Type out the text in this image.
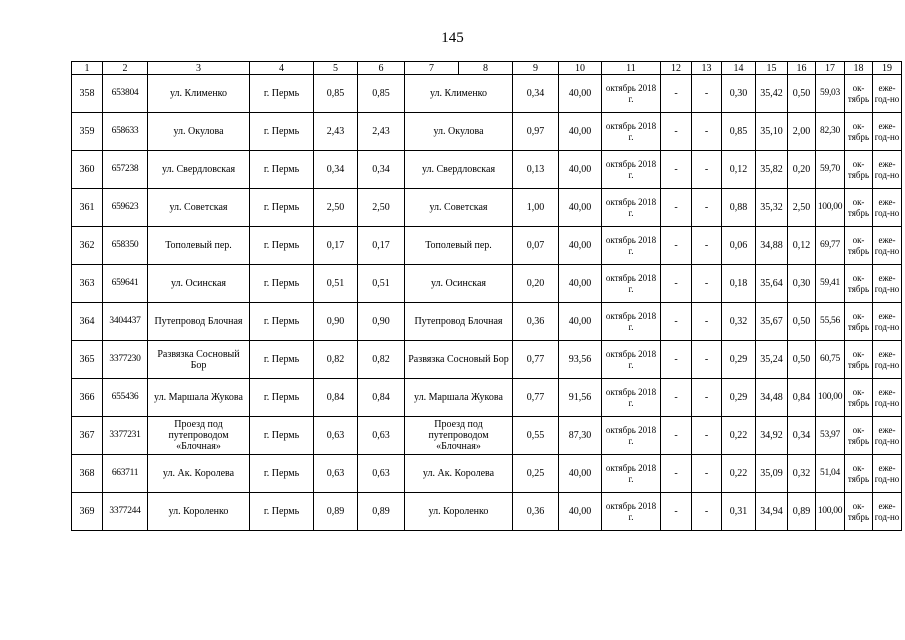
145
1	2	3	4	5	6	7	8	9	10	11	12	13	14	15	16	17	18	19
358	653804	ул. Клименко	г. Пермь	0,85	0,85	ул. Клименко		0,34	40,00	октябрь 2018 г.	-	-	0,30	35,42	0,50	59,03	ок-тябрь	еже-год-но
359	658633	ул. Окулова	г. Пермь	2,43	2,43	ул. Окулова		0,97	40,00	октябрь 2018 г.	-	-	0,85	35,10	2,00	82,30	ок-тябрь	еже-год-но
360	657238	ул. Свердловская	г. Пермь	0,34	0,34	ул. Свердловская		0,13	40,00	октябрь 2018 г.	-	-	0,12	35,82	0,20	59,70	ок-тябрь	еже-год-но
361	659623	ул. Советская	г. Пермь	2,50	2,50	ул. Советская		1,00	40,00	октябрь 2018 г.	-	-	0,88	35,32	2,50	100,00	ок-тябрь	еже-год-но
362	658350	Тополевый пер.	г. Пермь	0,17	0,17	Тополевый пер.		0,07	40,00	октябрь 2018 г.	-	-	0,06	34,88	0,12	69,77	ок-тябрь	еже-год-но
363	659641	ул. Осинская	г. Пермь	0,51	0,51	ул. Осинская		0,20	40,00	октябрь 2018 г.	-	-	0,18	35,64	0,30	59,41	ок-тябрь	еже-год-но
364	3404437	Путепровод Блочная	г. Пермь	0,90	0,90	Путепровод Блочная		0,36	40,00	октябрь 2018 г.	-	-	0,32	35,67	0,50	55,56	ок-тябрь	еже-год-но
365	3377230	Развязка Сосновый Бор	г. Пермь	0,82	0,82	Развязка Сосновый Бор		0,77	93,56	октябрь 2018 г.	-	-	0,29	35,24	0,50	60,75	ок-тябрь	еже-год-но
366	655436	ул. Маршала Жукова	г. Пермь	0,84	0,84	ул. Маршала Жукова		0,77	91,56	октябрь 2018 г.	-	-	0,29	34,48	0,84	100,00	ок-тябрь	еже-год-но
367	3377231	Проезд под путепроводом «Блочная»	г. Пермь	0,63	0,63	Проезд под путепроводом «Блочная»		0,55	87,30	октябрь 2018 г.	-	-	0,22	34,92	0,34	53,97	ок-тябрь	еже-год-но
368	663711	ул. Ак. Королева	г. Пермь	0,63	0,63	ул. Ак. Королева		0,25	40,00	октябрь 2018 г.	-	-	0,22	35,09	0,32	51,04	ок-тябрь	еже-год-но
369	3377244	ул. Короленко	г. Пермь	0,89	0,89	ул. Короленко		0,36	40,00	октябрь 2018 г.	-	-	0,31	34,94	0,89	100,00	ок-тябрь	еже-год-но
